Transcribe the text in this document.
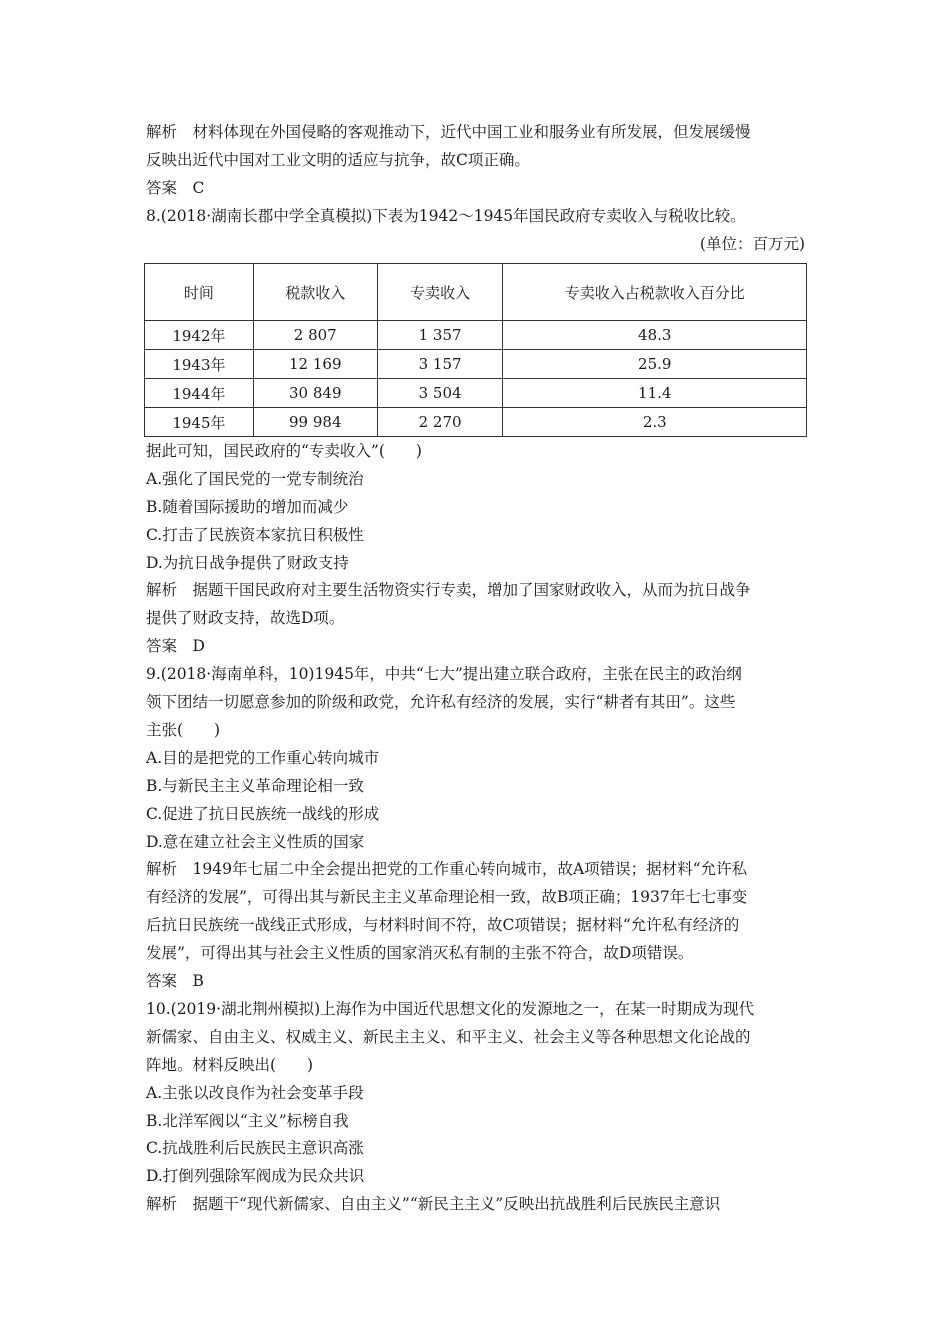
解析　材料体现在外国侵略的客观推动下，近代中国工业和服务业有所发展，但发展缓慢
反映出近代中国对工业文明的适应与抗争，故C项正确。
答案　C
8.(2018·湖南长郡中学全真模拟)下表为1942～1945年国民政府专卖收入与税收比较。
(单位：百万元)
时间	税款收入	专卖收入	专卖收入占税款收入百分比
1942年	2 807	1 357	48.3
1943年	12 169	3 157	25.9
1944年	30 849	3 504	11.4
1945年	99 984	2 270	2.3
据此可知，国民政府的“专卖收入”(　　)
A.强化了国民党的一党专制统治
B.随着国际援助的增加而减少
C.打击了民族资本家抗日积极性
D.为抗日战争提供了财政支持
解析　据题干国民政府对主要生活物资实行专卖，增加了国家财政收入，从而为抗日战争
提供了财政支持，故选D项。
答案　D
9.(2018·海南单科，10)1945年，中共“七大”提出建立联合政府，主张在民主的政治纲
领下团结一切愿意参加的阶级和政党，允许私有经济的发展，实行“耕者有其田”。这些
主张(　　)
A.目的是把党的工作重心转向城市
B.与新民主主义革命理论相一致
C.促进了抗日民族统一战线的形成
D.意在建立社会主义性质的国家
解析　1949年七届二中全会提出把党的工作重心转向城市，故A项错误；据材料“允许私
有经济的发展”，可得出其与新民主主义革命理论相一致，故B项正确；1937年七七事变
后抗日民族统一战线正式形成，与材料时间不符，故C项错误；据材料“允许私有经济的
发展”，可得出其与社会主义性质的国家消灭私有制的主张不符合，故D项错误。
答案　B
10.(2019·湖北荆州模拟)上海作为中国近代思想文化的发源地之一，在某一时期成为现代
新儒家、自由主义、权威主义、新民主主义、和平主义、社会主义等各种思想文化论战的
阵地。材料反映出(　　)
A.主张以改良作为社会变革手段
B.北洋军阀以“主义”标榜自我
C.抗战胜利后民族民主意识高涨
D.打倒列强除军阀成为民众共识
解析　据题干“现代新儒家、自由主义”“新民主主义”反映出抗战胜利后民族民主意识
